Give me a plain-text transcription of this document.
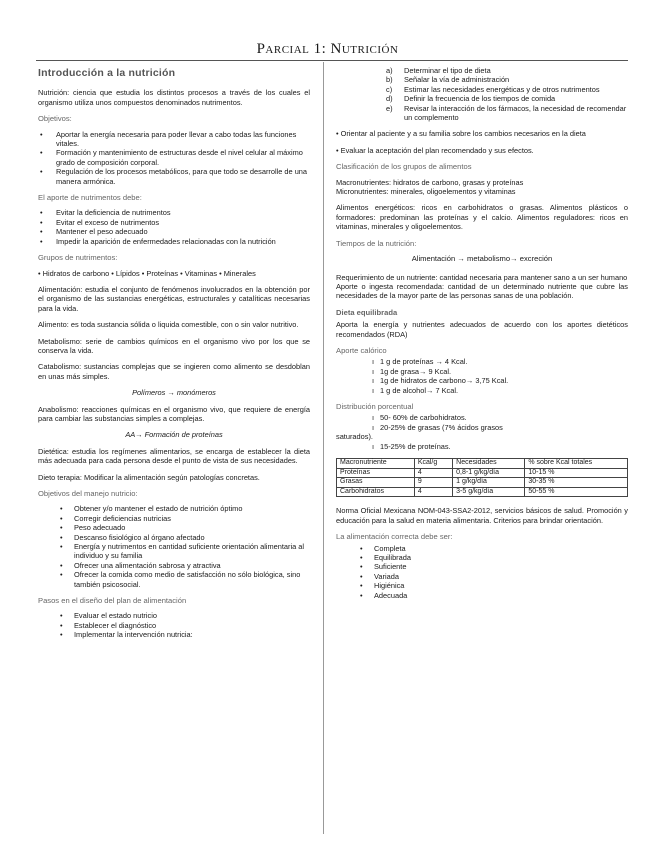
Parcial 1: Nutrición
Introducción a la nutrición

Nutrición: ciencia que estudia los distintos procesos a través de los cuales el organismo utiliza unos compuestos denominados nutrimentos.

Objetivos:
• Aportar la energía necesaria para poder llevar a cabo todas las funciones vitales.
• Formación y mantenimiento de estructuras desde el nivel celular al máximo grado de composición corporal.
• Regulación de los procesos metabólicos, para que todo se desarrolle de una manera armónica.
El aporte de nutrimentos debe:
• Evitar la deficiencia de nutrimentos
• Evitar el exceso de nutrimentos
• Mantener el peso adecuado
• Impedir la aparición de enfermedades relacionadas con la nutrición
Grupos de nutrimentos:

• Hidratos de carbono • Lípidos • Proteínas • Vitaminas • Minerales

Alimentación: estudia el conjunto de fenómenos involucrados en la obtención por el organismo de las sustancias energéticas, estructurales y catalíticas necesarias para la vida.

Alimento: es toda sustancia sólida o liquida comestible, con o sin valor nutritivo.

Metabolismo: serie de cambios químicos en el organismo vivo por los que se conserva la vida.

Catabolismo: sustancias complejas que se ingieren como alimento se desdoblan en unas más simples.

Polímeros → monómeros

Anabolismo: reacciones químicas en el organismo vivo, que requiere de energía para cambiar las substancias simples a complejas.

AA→ Formación de proteínas

Dietética: estudia los regímenes alimentarios, se encarga de establecer la dieta más adecuada para cada persona desde el punto de vista de sus necesidades.

Dieto terapia: Modificar la alimentación según patologías concretas.

Objetivos del manejo nutricio:
• Obtener y/o mantener el estado de nutrición óptimo
• Corregir deficiencias nutricias
• Peso adecuado
• Descanso fisiológico al órgano afectado
• Energía y nutrimentos en cantidad suficiente orientación alimentaria al individuo y su familia
• Ofrecer una alimentación sabrosa y atractiva
• Ofrecer la comida como medio de satisfacción no sólo biológica, sino también psicosocial.
Pasos en el diseño del plan de alimentación
• Evaluar el estado nutricio
• Establecer el diagnóstico
• Implementar la intervención nutricia:
a) Determinar el tipo de dieta
b) Señalar la vía de administración
c) Estimar las necesidades energéticas y de otros nutrimentos
d) Definir la frecuencia de los tiempos de comida
e) Revisar la interacción de los fármacos, la necesidad de recomendar un complemento

• Orientar al paciente y a su familia sobre los cambios necesarios en la dieta

• Evaluar la aceptación del plan recomendado y sus efectos.

Clasificación de los grupos de alimentos
Macronutrientes: hidratos de carbono, grasas y proteínas

Micronutrientes: minerales, oligoelementos y vitaminas

Alimentos energéticos: ricos en carbohidratos o grasas. Alimentos plásticos o formadores: predominan las proteínas y el calcio. Alimentos reguladores: ricos en vitaminas, minerales y oligoelementos.

Tiempos de la nutrición:
Alimentación → metabolismo→ excreción
Requerimiento de un nutriente: cantidad necesaria para mantener sano a un ser humano

Aporte o ingesta recomendada: cantidad de un determinado nutriente que cubre las necesidades de la mayor parte de las personas sanas de una población.

Dieta equilibrada

Aporta la energía y nutrientes adecuados de acuerdo con los aportes dietéticos recomendados (RDA)

Aporte calórico
ı 1 g de proteínas → 4 Kcal.
ı 1g de grasa→ 9 Kcal.
ı 1g de hidratos de carbono→ 3,75 Kcal.
ı 1 g de alcohol→ 7 Kcal.
Distribución porcentual
ı 50- 60% de carbohidratos.
ı 20-25% de grasas (7% ácidos grasos
saturados).
ı 15-25% de proteínas.
Macronutriente	Kcal/g	Necesidades	% sobre Kcal totales
Proteínas	4	0,8-1 g/kg/día	10-15 %
Grasas	9	1 g/kg/día	30-35 %
Carbohidratos	4	3-5 g/kg/día	50-55 %

Norma Oficial Mexicana NOM-043-SSA2-2012, servicios básicos de salud. Promoción y educación para la salud en materia alimentaria. Criterios para brindar orientación.

La alimentación correcta debe ser:
• Completa
• Equilibrada
• Suficiente
• Variada
• Higiénica
• Adecuada
